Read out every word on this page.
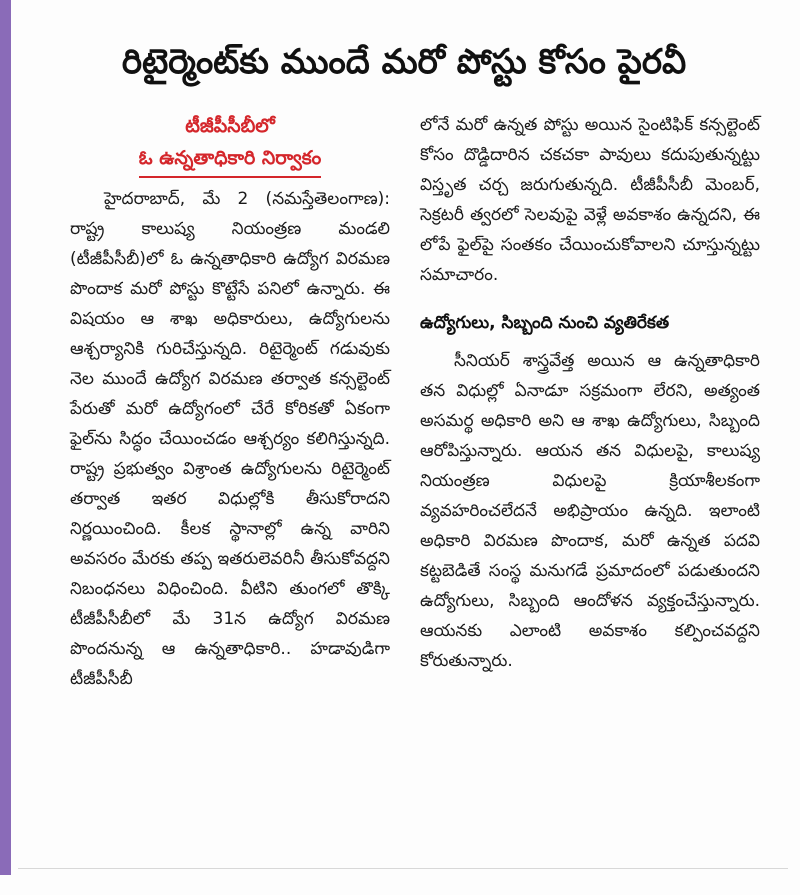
రిటైర్మెంట్‌కు ముందే మరో పోస్టు కోసం పైరవీ
టీజీపీసీబీలో
ఓ ఉన్నతాధికారి నిర్వాకం

హైదరాబాద్‌, మే 2 (నమస్తేతెలంగాణ): రాష్ట్ర కాలుష్య నియంత్రణ మండలి (టీజీపీసీబీ)లో ఓ ఉన్నతాధికారి ఉద్యోగ విరమణ పొందాక మరో పోస్టు కొట్టేసే పనిలో ఉన్నారు. ఈ విషయం ఆ శాఖ అధికారులు, ఉద్యోగులను ఆశ్చర్యానికి గురిచేస్తున్నది. రిటైర్మెంట్‌ గడువుకు నెల ముందే ఉద్యోగ విరమణ తర్వాత కన్సల్టెంట్‌ పేరుతో మరో ఉద్యోగంలో చేరే కోరికతో ఏకంగా ఫైల్‌ను సిద్ధం చేయించడం ఆశ్చర్యం కలిగిస్తున్నది. రాష్ట్ర ప్రభుత్వం విశ్రాంత ఉద్యోగులను రిటైర్మెంట్‌ తర్వాత ఇతర విధుల్లోకి తీసుకోరాదని నిర్ణయించింది. కీలక స్థానాల్లో ఉన్న వారిని అవసరం మేరకు తప్ప ఇతరులెవరినీ తీసుకోవద్దని నిబంధనలు విధించింది. వీటిని తుంగలో తొక్కి టీజీపీసీబీలో మే 31న ఉద్యోగ విరమణ పొందనున్న ఆ ఉన్నతాధికారి.. హడావుడిగా టీజీపీసీబీ

లోనే మరో ఉన్నత పోస్టు అయిన సైంటిఫిక్‌ కన్సల్టెంట్‌ కోసం దొడ్డిదారిన చకచకా పావులు కదుపుతున్నట్టు విస్తృత చర్చ జరుగుతున్నది. టీజీపీసీబీ మెంబర్‌, సెక్రటరీ త్వరలో సెలవుపై వెళ్లే అవకాశం ఉన్నదని, ఈ లోపే ఫైల్‌పై సంతకం చేయించుకోవాలని చూస్తున్నట్టు సమాచారం.

ఉద్యోగులు, సిబ్బంది నుంచి వ్యతిరేకత

సీనియర్‌ శాస్త్రవేత్త అయిన ఆ ఉన్నతాధికారి తన విధుల్లో ఏనాడూ సక్రమంగా లేరని, అత్యంత అసమర్థ అధికారి అని ఆ శాఖ ఉద్యోగులు, సిబ్బంది ఆరోపిస్తున్నారు. ఆయన తన విధులపై, కాలుష్య నియంత్రణ విధులపై క్రియాశీలకంగా వ్యవహరించలేదనే అభిప్రాయం ఉన్నది. ఇలాంటి అధికారి విరమణ పొందాక, మరో ఉన్నత పదవి కట్టబెడితే సంస్థ మనుగడే ప్రమాదంలో పడుతుందని ఉద్యోగులు, సిబ్బంది ఆందోళన వ్యక్తంచేస్తున్నారు. ఆయనకు ఎలాంటి అవకాశం కల్పించవద్దని కోరుతున్నారు.
